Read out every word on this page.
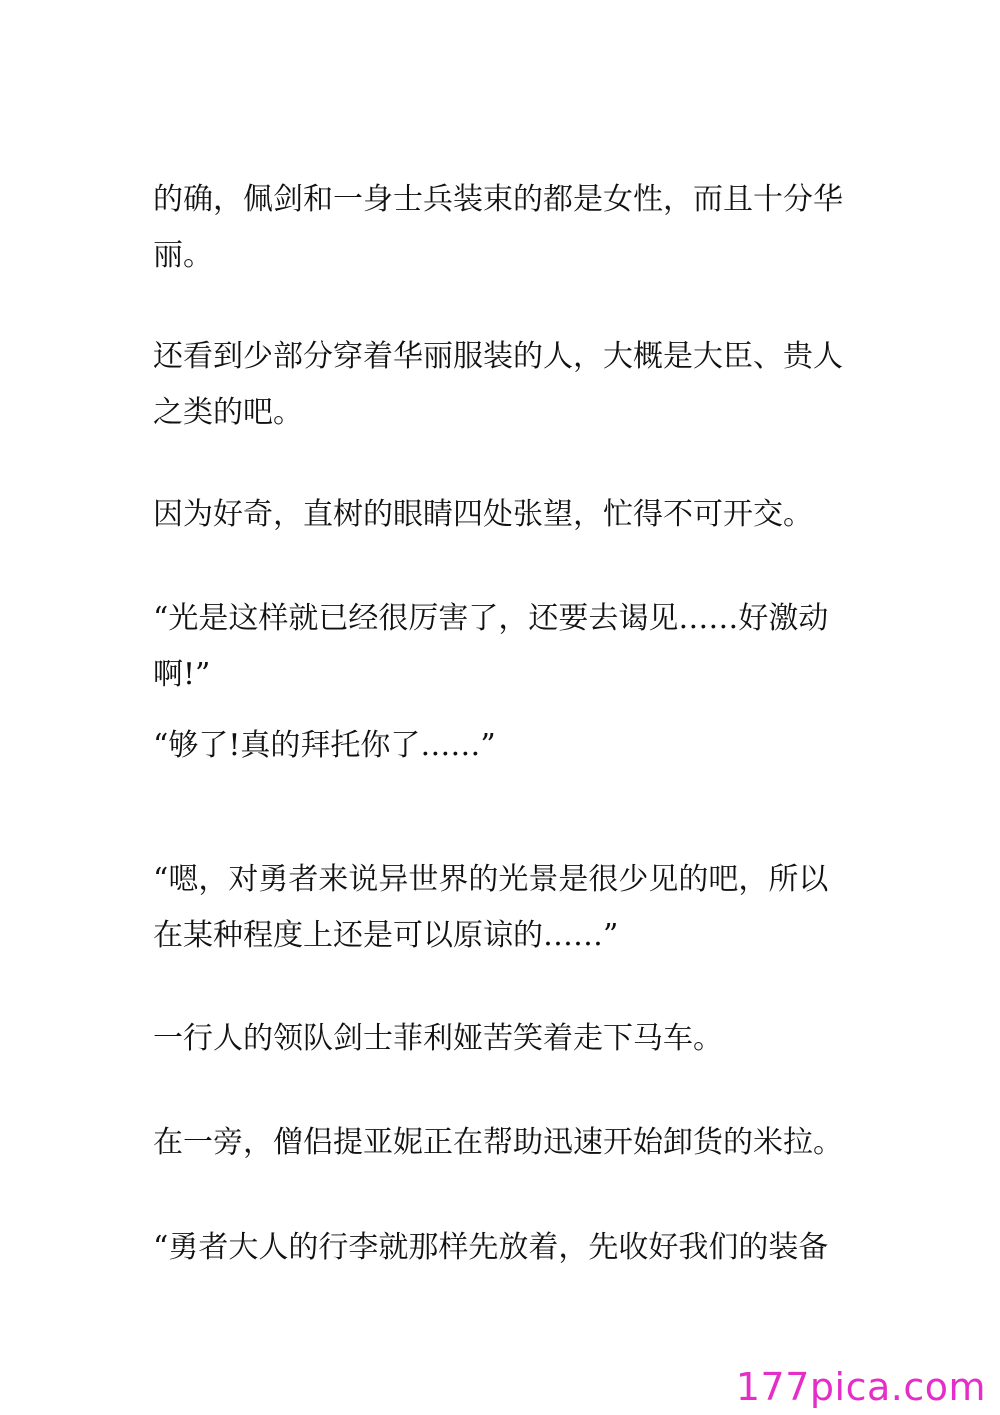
的确，佩剑和一身士兵装束的都是女性，而且十分华
丽。
还看到少部分穿着华丽服装的人，大概是大臣、贵人
之类的吧。
因为好奇，直树的眼睛四处张望，忙得不可开交。
“光是这样就已经很厉害了，还要去谒见……好激动
啊!”
“够了!真的拜托你了……”
“嗯，对勇者来说异世界的光景是很少见的吧，所以
在某种程度上还是可以原谅的……”
一行人的领队剑士菲利娅苦笑着走下马车。
在一旁，僧侣提亚妮正在帮助迅速开始卸货的米拉。
“勇者大人的行李就那样先放着，先收好我们的装备
177pica.com
